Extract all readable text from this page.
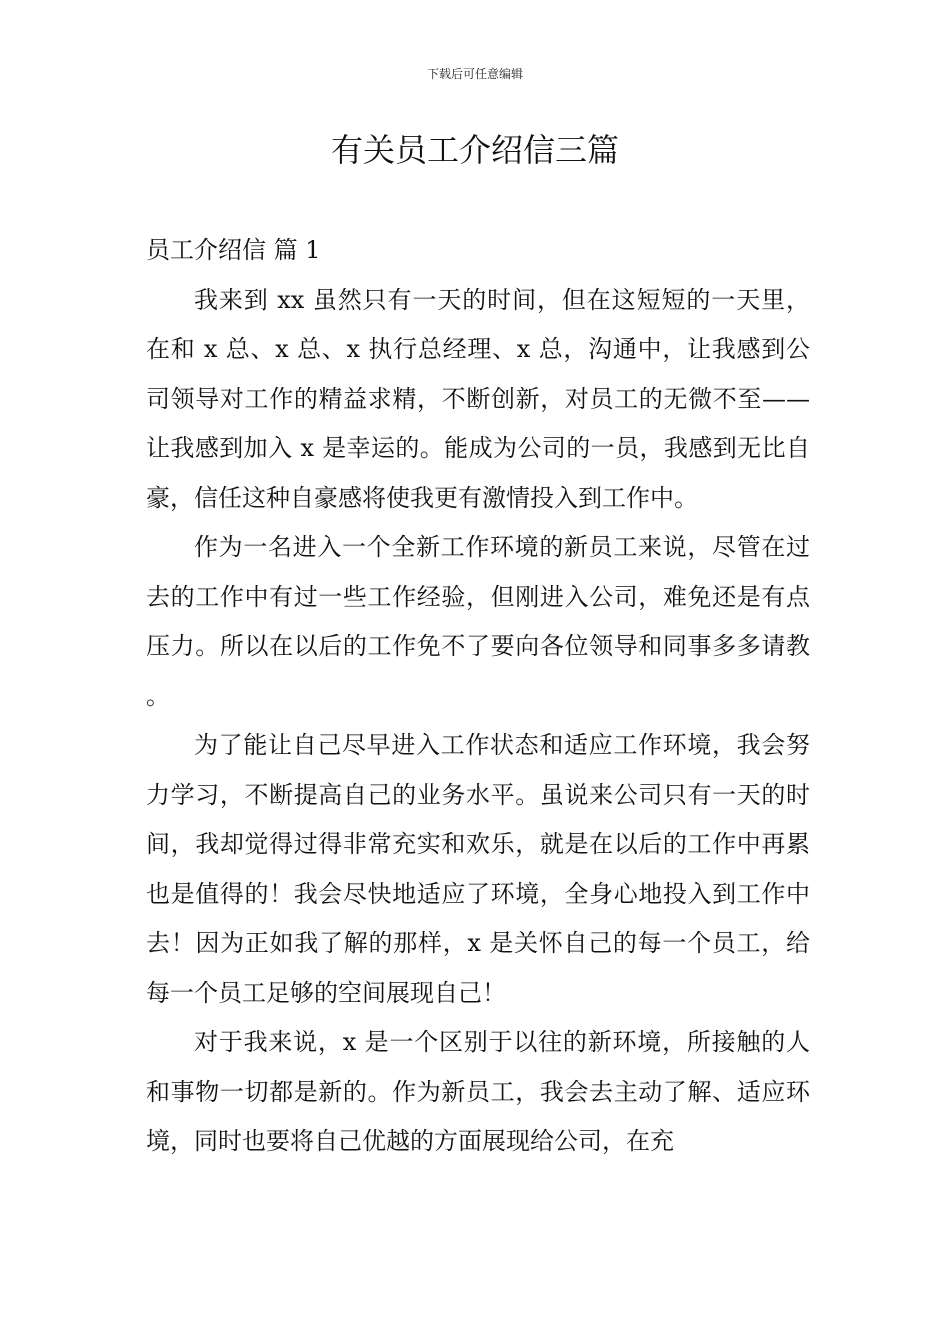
下载后可任意编辑
有关员工介绍信三篇

员工介绍信 篇 1

我来到 xx 虽然只有一天的时间，但在这短短的一天里，在和 x 总、x 总、x 执行总经理、x 总，沟通中，让我感到公司领导对工作的精益求精，不断创新，对员工的无微不至——让我感到加入 x 是幸运的。能成为公司的一员，我感到无比自豪，信任这种自豪感将使我更有激情投入到工作中。

作为一名进入一个全新工作环境的新员工来说，尽管在过去的工作中有过一些工作经验，但刚进入公司，难免还是有点压力。所以在以后的工作免不了要向各位领导和同事多多请教。

为了能让自己尽早进入工作状态和适应工作环境，我会努力学习，不断提高自己的业务水平。虽说来公司只有一天的时间，我却觉得过得非常充实和欢乐，就是在以后的工作中再累也是值得的！我会尽快地适应了环境，全身心地投入到工作中去！因为正如我了解的那样，x 是关怀自己的每一个员工，给每一个员工足够的空间展现自己！

对于我来说，x 是一个区别于以往的新环境，所接触的人和事物一切都是新的。作为新员工，我会去主动了解、适应环境，同时也要将自己优越的方面展现给公司，在充
